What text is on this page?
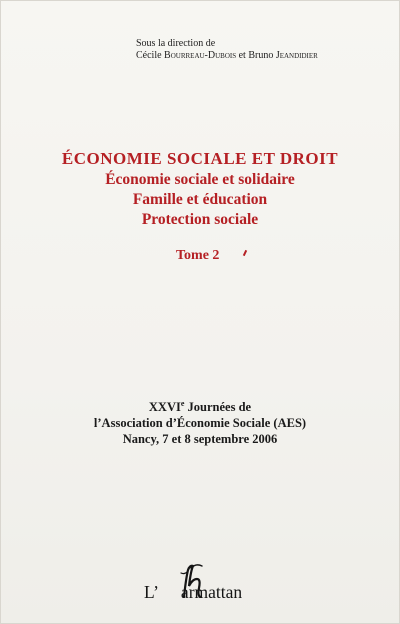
Sous la direction de
Cécile Bourreau-Dubois et Bruno Jeandidier
ÉCONOMIE SOCIALE ET DROIT
Économie sociale et solidaire
Famille et éducation
Protection sociale
Tome 2
XXVIe Journées de
l’Association d’Économie Sociale (AES)
Nancy, 7 et 8 septembre 2006
L’ armattan
